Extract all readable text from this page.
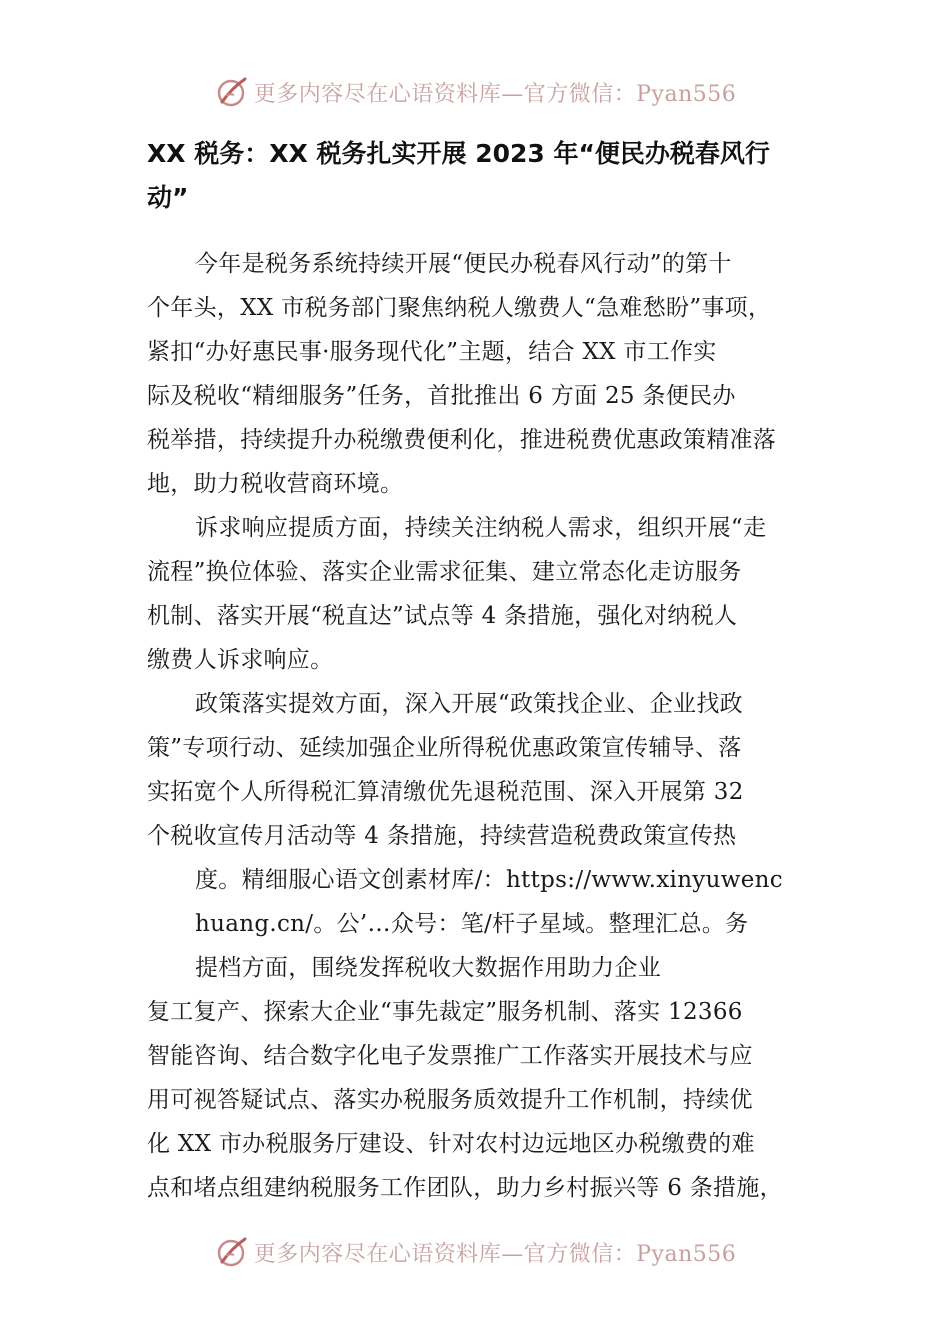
更多内容尽在心语资料库—官方微信：Pyan556
XX 税务：XX 税务扎实开展 2023 年“便民办税春风行
动”
今年是税务系统持续开展“便民办税春风行动”的第十
个年头，XX 市税务部门聚焦纳税人缴费人“急难愁盼”事项，
紧扣“办好惠民事·服务现代化”主题，结合 XX 市工作实
际及税收“精细服务”任务，首批推出 6 方面 25 条便民办
税举措，持续提升办税缴费便利化，推进税费优惠政策精准落
地，助力税收营商环境。
诉求响应提质方面，持续关注纳税人需求，组织开展“走
流程”换位体验、落实企业需求征集、建立常态化走访服务
机制、落实开展“税直达”试点等 4 条措施，强化对纳税人
缴费人诉求响应。
政策落实提效方面，深入开展“政策找企业、企业找政
策”专项行动、延续加强企业所得税优惠政策宣传辅导、落
实拓宽个人所得税汇算清缴优先退税范围、深入开展第 32
个税收宣传月活动等 4 条措施，持续营造税费政策宣传热
度。精细服心语文创素材库/：https://www.xinyuwenc
huang.cn/。公’…众号：笔/杆子星域。整理汇总。务
提档方面，围绕发挥税收大数据作用助力企业
复工复产、探索大企业“事先裁定”服务机制、落实 12366
智能咨询、结合数字化电子发票推广工作落实开展技术与应
用可视答疑试点、落实办税服务质效提升工作机制，持续优
化 XX 市办税服务厅建设、针对农村边远地区办税缴费的难
点和堵点组建纳税服务工作团队，助力乡村振兴等 6 条措施，
更多内容尽在心语资料库—官方微信：Pyan556
